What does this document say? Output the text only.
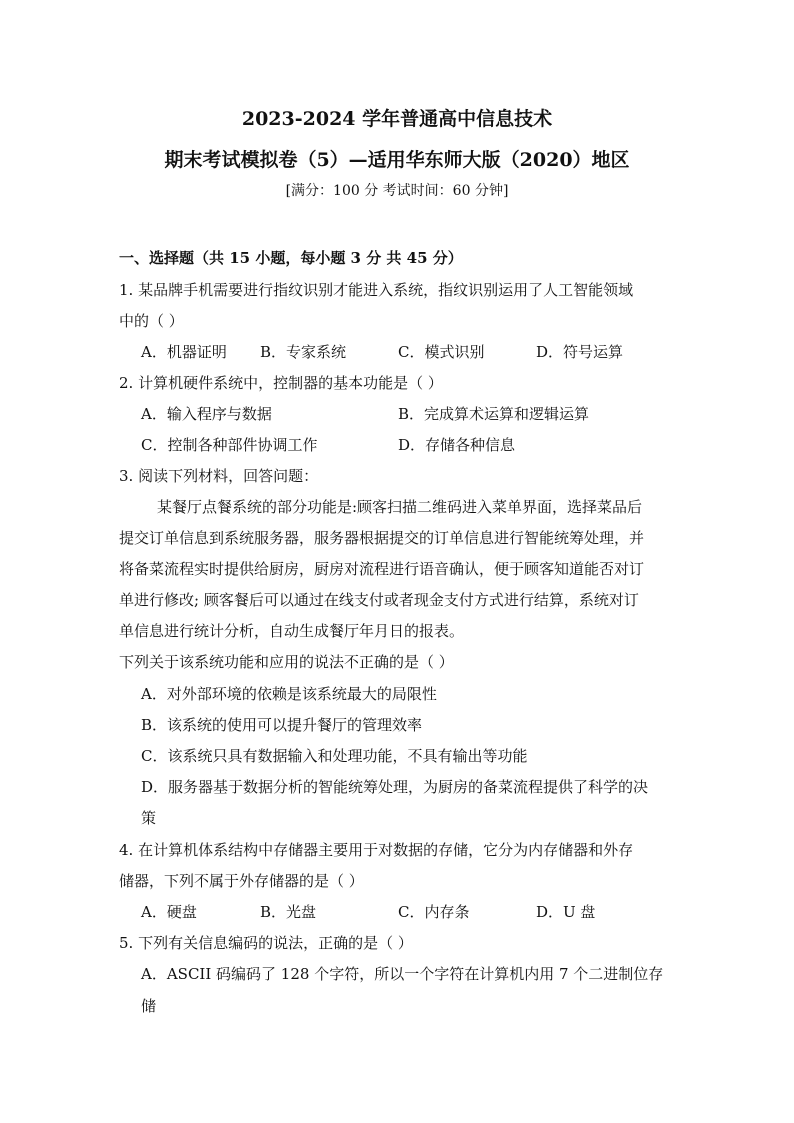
2023-2024 学年普通高中信息技术
期末考试模拟卷（5）—适用华东师大版（2020）地区
[满分：100 分 考试时间：60 分钟]
一、选择题（共 15 小题，每小题 3 分 共 45 分）
1. 某品牌手机需要进行指纹识别才能进入系统，指纹识别运用了人工智能领域
中的（ ）
A．机器证明 B．专家系统	C．模式识别	D．符号运算
2. 计算机硬件系统中，控制器的基本功能是（ ）
A．输入程序与数据	B．完成算术运算和逻辑运算
C．控制各种部件协调工作	D．存储各种信息
3. 阅读下列材料，回答问题：
某餐厅点餐系统的部分功能是:顾客扫描二维码进入菜单界面，选择菜品后
提交订单信息到系统服务器，服务器根据提交的订单信息进行智能统筹处理，并
将备菜流程实时提供给厨房，厨房对流程进行语音确认，便于顾客知道能否对订
单进行修改; 顾客餐后可以通过在线支付或者现金支付方式进行结算，系统对订
单信息进行统计分析，自动生成餐厅年月日的报表。
下列关于该系统功能和应用的说法不正确的是（ ）
A．对外部环境的依赖是该系统最大的局限性
B．该系统的使用可以提升餐厅的管理效率
C．该系统只具有数据输入和处理功能，不具有输出等功能
D．服务器基于数据分析的智能统筹处理，为厨房的备菜流程提供了科学的决
策
4. 在计算机体系结构中存储器主要用于对数据的存储，它分为内存储器和外存
储器，下列不属于外存储器的是（ ）
A．硬盘	B．光盘	C．内存条	D．U 盘
5. 下列有关信息编码的说法，正确的是（ ）
A．ASCII 码编码了 128 个字符，所以一个字符在计算机内用 7 个二进制位存
储
